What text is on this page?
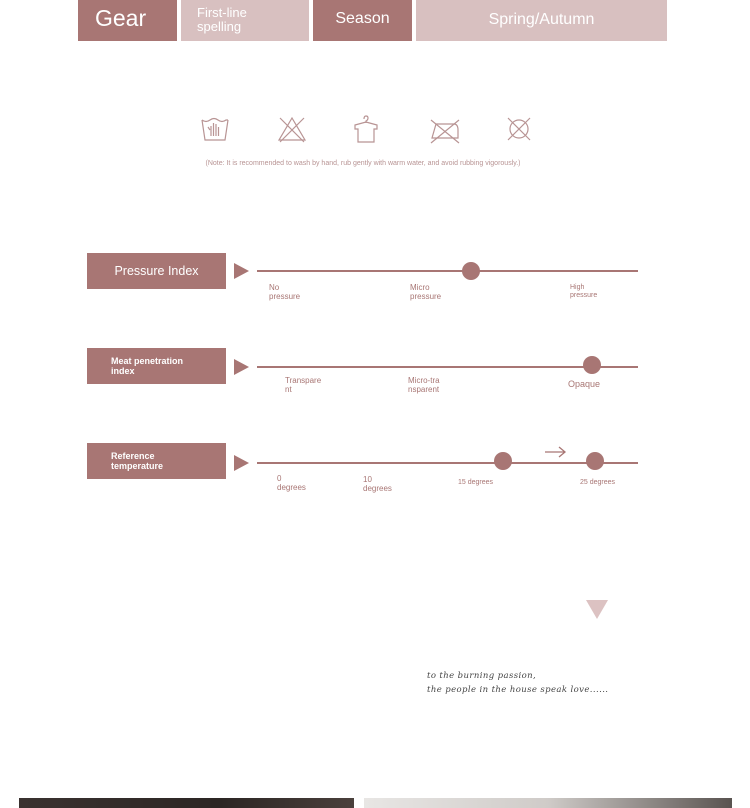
Gear	First-line
spelling	Season	Spring/Autumn
(Note: It is recommended to wash by hand, rub gently with warm water, and avoid rubbing vigorously.)
Pressure Index
No
pressure
Micro
pressure
High
pressure
Meat penetration
index
Transpare
nt
Micro-tra
nsparent
Opaque
Reference
temperature
0
degrees
10
degrees
15 degrees	25 degrees
to the burning passion,
the people in the house speak love......
